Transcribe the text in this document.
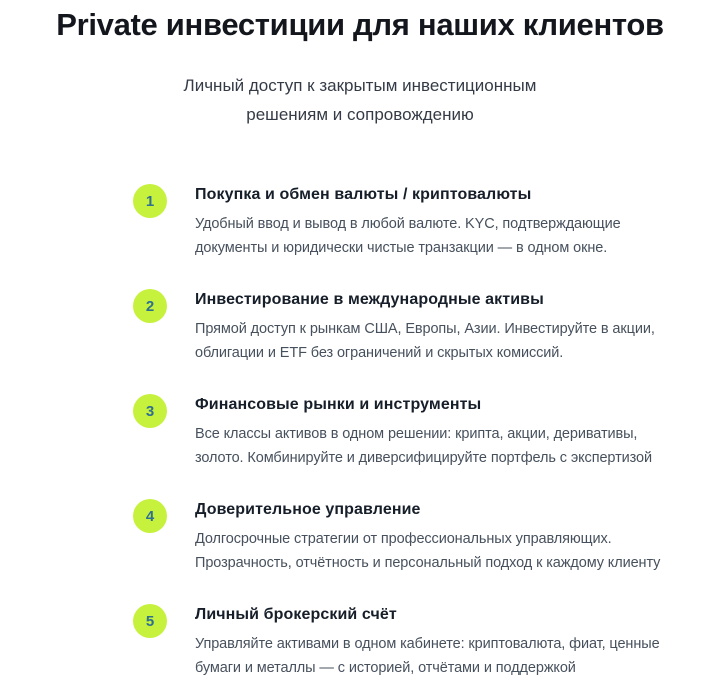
Private инвестиции для наших клиентов

Личный доступ к закрытым инвестиционным
решениям и сопровождению

1	Покупка и обмен валюты / криптовалюты

Удобный ввод и вывод в любой валюте. KYC, подтверждающие
документы и юридически чистые транзакции — в одном окне.

2	Инвестирование в международные активы

Прямой доступ к рынкам США, Европы, Азии. Инвестируйте в акции,
облигации и ETF без ограничений и скрытых комиссий.

3	Финансовые рынки и инструменты

Все классы активов в одном решении: крипта, акции, деривативы,
золото. Комбинируйте и диверсифицируйте портфель с экспертизой

4	Доверительное управление

Долгосрочные стратегии от профессиональных управляющих.
Прозрачность, отчётность и персональный подход к каждому клиенту

5	Личный брокерский счёт

Управляйте активами в одном кабинете: криптовалюта, фиат, ценные
бумаги и металлы — с историей, отчётами и поддержкой
